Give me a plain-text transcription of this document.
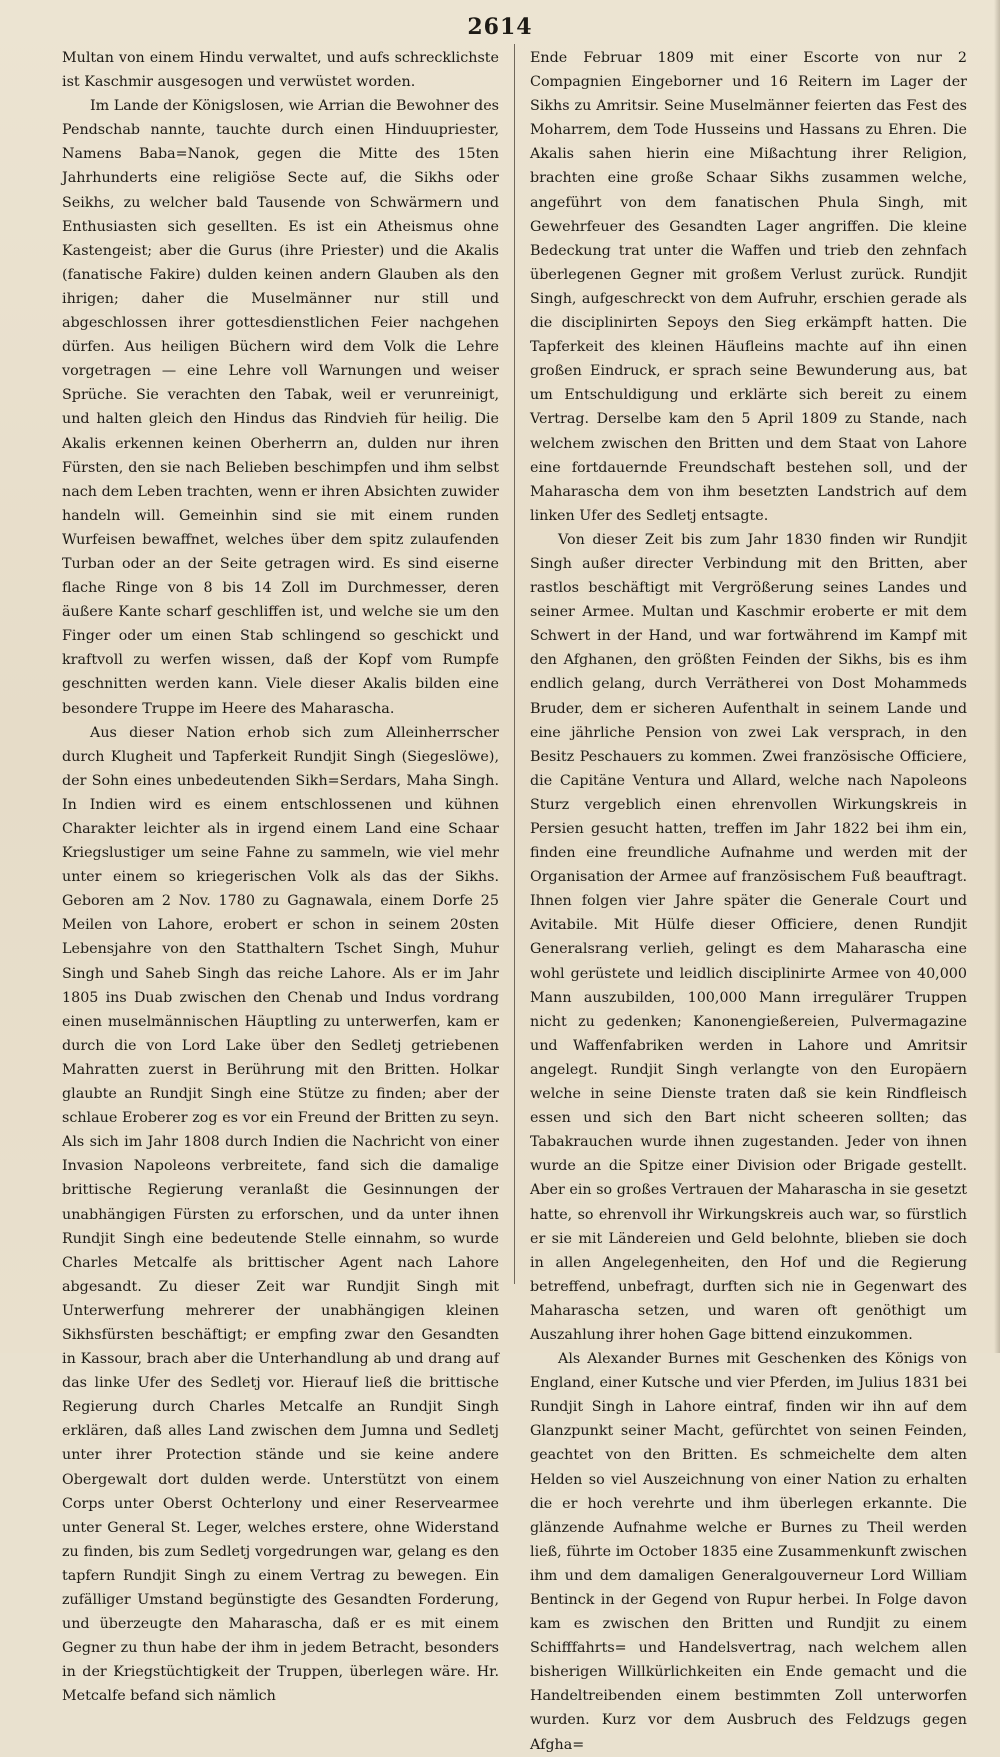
2614

Multan von einem Hindu verwaltet, und aufs schrecklichste ist Kaschmir ausgesogen und verwüstet worden.

Im Lande der Königslosen, wie Arrian die Bewohner des Pendschab nannte, tauchte durch einen Hinduupriester, Namens Baba=Nanok, gegen die Mitte des 15ten Jahrhunderts eine religiöse Secte auf, die Sikhs oder Seikhs, zu welcher bald Tausende von Schwärmern und Enthusiasten sich gesellten. Es ist ein Atheismus ohne Kastengeist; aber die Gurus (ihre Priester) und die Akalis (fanatische Fakire) dulden keinen andern Glauben als den ihrigen; daher die Muselmänner nur still und abgeschlossen ihrer gottesdienstlichen Feier nachgehen dürfen. Aus heiligen Büchern wird dem Volk die Lehre vorgetragen — eine Lehre voll Warnungen und weiser Sprüche. Sie verachten den Tabak, weil er verunreinigt, und halten gleich den Hindus das Rindvieh für heilig. Die Akalis erkennen keinen Oberherrn an, dulden nur ihren Fürsten, den sie nach Belieben beschimpfen und ihm selbst nach dem Leben trachten, wenn er ihren Absichten zuwider handeln will. Gemeinhin sind sie mit einem runden Wurfeisen bewaffnet, welches über dem spitz zulaufenden Turban oder an der Seite getragen wird. Es sind eiserne flache Ringe von 8 bis 14 Zoll im Durchmesser, deren äußere Kante scharf geschliffen ist, und welche sie um den Finger oder um einen Stab schlingend so geschickt und kraftvoll zu werfen wissen, daß der Kopf vom Rumpfe geschnitten werden kann. Viele dieser Akalis bilden eine besondere Truppe im Heere des Maharascha.

Aus dieser Nation erhob sich zum Alleinherrscher durch Klugheit und Tapferkeit Rundjit Singh (Siegeslöwe), der Sohn eines unbedeutenden Sikh=Serdars, Maha Singh. In Indien wird es einem entschlossenen und kühnen Charakter leichter als in irgend einem Land eine Schaar Kriegslustiger um seine Fahne zu sammeln, wie viel mehr unter einem so kriegerischen Volk als das der Sikhs. Geboren am 2 Nov. 1780 zu Gagnawala, einem Dorfe 25 Meilen von Lahore, erobert er schon in seinem 20sten Lebensjahre von den Statthaltern Tschet Singh, Muhur Singh und Saheb Singh das reiche Lahore. Als er im Jahr 1805 ins Duab zwischen den Chenab und Indus vordrang einen muselmännischen Häuptling zu unterwerfen, kam er durch die von Lord Lake über den Sedletj getriebenen Mahratten zuerst in Berührung mit den Britten. Holkar glaubte an Rundjit Singh eine Stütze zu finden; aber der schlaue Eroberer zog es vor ein Freund der Britten zu seyn. Als sich im Jahr 1808 durch Indien die Nachricht von einer Invasion Napoleons verbreitete, fand sich die damalige brittische Regierung veranlaßt die Gesinnungen der unabhängigen Fürsten zu erforschen, und da unter ihnen Rundjit Singh eine bedeutende Stelle einnahm, so wurde Charles Metcalfe als brittischer Agent nach Lahore abgesandt. Zu dieser Zeit war Rundjit Singh mit Unterwerfung mehrerer der unabhängigen kleinen Sikhsfürsten beschäftigt; er empfing zwar den Gesandten in Kassour, brach aber die Unterhandlung ab und drang auf das linke Ufer des Sedletj vor. Hierauf ließ die brittische Regierung durch Charles Metcalfe an Rundjit Singh erklären, daß alles Land zwischen dem Jumna und Sedletj unter ihrer Protection stände und sie keine andere Obergewalt dort dulden werde. Unterstützt von einem Corps unter Oberst Ochterlony und einer Reservearmee unter General St. Leger, welches erstere, ohne Widerstand zu finden, bis zum Sedletj vorgedrungen war, gelang es den tapfern Rundjit Singh zu einem Vertrag zu bewegen. Ein zufälliger Umstand begünstigte des Gesandten Forderung, und überzeugte den Maharascha, daß er es mit einem Gegner zu thun habe der ihm in jedem Betracht, besonders in der Kriegstüchtigkeit der Truppen, überlegen wäre. Hr. Metcalfe befand sich nämlich

Ende Februar 1809 mit einer Escorte von nur 2 Compagnien Eingeborner und 16 Reitern im Lager der Sikhs zu Amritsir. Seine Muselmänner feierten das Fest des Moharrem, dem Tode Husseins und Hassans zu Ehren. Die Akalis sahen hierin eine Mißachtung ihrer Religion, brachten eine große Schaar Sikhs zusammen welche, angeführt von dem fanatischen Phula Singh, mit Gewehrfeuer des Gesandten Lager angriffen. Die kleine Bedeckung trat unter die Waffen und trieb den zehnfach überlegenen Gegner mit großem Verlust zurück. Rundjit Singh, aufgeschreckt von dem Aufruhr, erschien gerade als die disciplinirten Sepoys den Sieg erkämpft hatten. Die Tapferkeit des kleinen Häufleins machte auf ihn einen großen Eindruck, er sprach seine Bewunderung aus, bat um Entschuldigung und erklärte sich bereit zu einem Vertrag. Derselbe kam den 5 April 1809 zu Stande, nach welchem zwischen den Britten und dem Staat von Lahore eine fortdauernde Freundschaft bestehen soll, und der Maharascha dem von ihm besetzten Landstrich auf dem linken Ufer des Sedletj entsagte.

Von dieser Zeit bis zum Jahr 1830 finden wir Rundjit Singh außer directer Verbindung mit den Britten, aber rastlos beschäftigt mit Vergrößerung seines Landes und seiner Armee. Multan und Kaschmir eroberte er mit dem Schwert in der Hand, und war fortwährend im Kampf mit den Afghanen, den größten Feinden der Sikhs, bis es ihm endlich gelang, durch Verrätherei von Dost Mohammeds Bruder, dem er sicheren Aufenthalt in seinem Lande und eine jährliche Pension von zwei Lak versprach, in den Besitz Peschauers zu kommen. Zwei französische Officiere, die Capitäne Ventura und Allard, welche nach Napoleons Sturz vergeblich einen ehrenvollen Wirkungskreis in Persien gesucht hatten, treffen im Jahr 1822 bei ihm ein, finden eine freundliche Aufnahme und werden mit der Organisation der Armee auf französischem Fuß beauftragt. Ihnen folgen vier Jahre später die Generale Court und Avitabile. Mit Hülfe dieser Officiere, denen Rundjit Generalsrang verlieh, gelingt es dem Maharascha eine wohl gerüstete und leidlich disciplinirte Armee von 40,000 Mann auszubilden, 100,000 Mann irregulärer Truppen nicht zu gedenken; Kanonengießereien, Pulvermagazine und Waffenfabriken werden in Lahore und Amritsir angelegt. Rundjit Singh verlangte von den Europäern welche in seine Dienste traten daß sie kein Rindfleisch essen und sich den Bart nicht scheeren sollten; das Tabakrauchen wurde ihnen zugestanden. Jeder von ihnen wurde an die Spitze einer Division oder Brigade gestellt. Aber ein so großes Vertrauen der Maharascha in sie gesetzt hatte, so ehrenvoll ihr Wirkungskreis auch war, so fürstlich er sie mit Ländereien und Geld belohnte, blieben sie doch in allen Angelegenheiten, den Hof und die Regierung betreffend, unbefragt, durften sich nie in Gegenwart des Maharascha setzen, und waren oft genöthigt um Auszahlung ihrer hohen Gage bittend einzukommen.

Als Alexander Burnes mit Geschenken des Königs von England, einer Kutsche und vier Pferden, im Julius 1831 bei Rundjit Singh in Lahore eintraf, finden wir ihn auf dem Glanzpunkt seiner Macht, gefürchtet von seinen Feinden, geachtet von den Britten. Es schmeichelte dem alten Helden so viel Auszeichnung von einer Nation zu erhalten die er hoch verehrte und ihm überlegen erkannte. Die glänzende Aufnahme welche er Burnes zu Theil werden ließ, führte im October 1835 eine Zusammenkunft zwischen ihm und dem damaligen Generalgouverneur Lord William Bentinck in der Gegend von Rupur herbei. In Folge davon kam es zwischen den Britten und Rundjit zu einem Schifffahrts= und Handelsvertrag, nach welchem allen bisherigen Willkürlichkeiten ein Ende gemacht und die Handeltreibenden einem bestimmten Zoll unterworfen wurden. Kurz vor dem Ausbruch des Feldzugs gegen Afgha=
